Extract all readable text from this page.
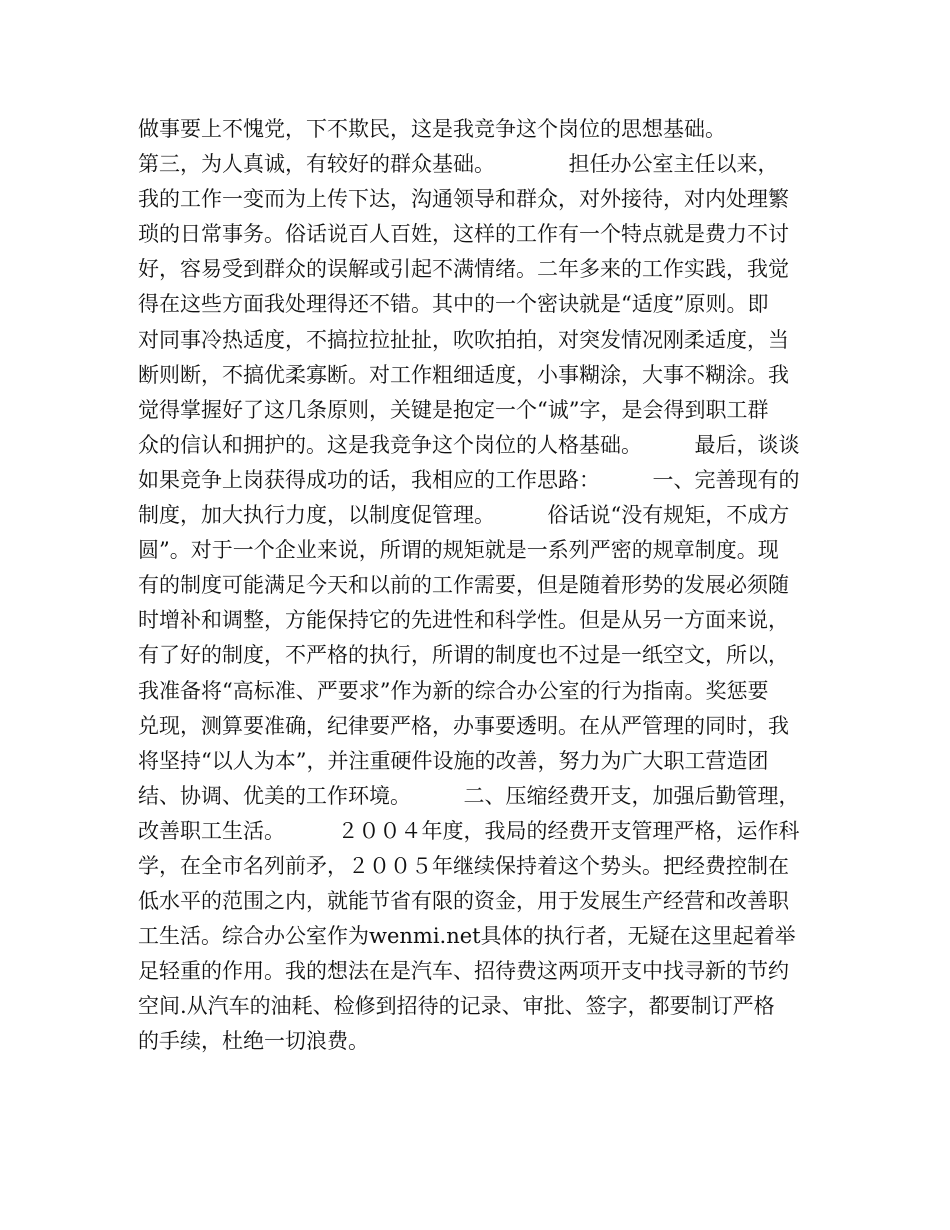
做事要上不愧党，下不欺民，这是我竞争这个岗位的思想基础。
第三，为人真诚，有较好的群众基础。　　　　担任办公室主任以来，
我的工作一变而为上传下达，沟通领导和群众，对外接待，对内处理繁
琐的日常事务。俗话说百人百姓，这样的工作有一个特点就是费力不讨
好，容易受到群众的误解或引起不满情绪。二年多来的工作实践，我觉
得在这些方面我处理得还不错。其中的一个密诀就是“适度”原则。即
对同事冷热适度，不搞拉拉扯扯，吹吹拍拍，对突发情况刚柔适度，当
断则断，不搞优柔寡断。对工作粗细适度，小事糊涂，大事不糊涂。我
觉得掌握好了这几条原则，关键是抱定一个“诚”字，是会得到职工群
众的信认和拥护的。这是我竞争这个岗位的人格基础。　　　最后，谈谈
如果竞争上岗获得成功的话，我相应的工作思路：　　　一、完善现有的
制度，加大执行力度，以制度促管理。　　　俗话说“没有规矩，不成方
圆”。对于一个企业来说，所谓的规矩就是一系列严密的规章制度。现
有的制度可能满足今天和以前的工作需要，但是随着形势的发展必须随
时增补和调整，方能保持它的先进性和科学性。但是从另一方面来说，
有了好的制度，不严格的执行，所谓的制度也不过是一纸空文，所以，
我准备将“高标准、严要求”作为新的综合办公室的行为指南。奖惩要
兑现，测算要准确，纪律要严格，办事要透明。在从严管理的同时，我
将坚持“以人为本”，并注重硬件设施的改善，努力为广大职工营造团
结、协调、优美的工作环境。　　　二、压缩经费开支，加强后勤管理，
改善职工生活。　　　２００４年度，我局的经费开支管理严格，运作科
学，在全市名列前矛，２００５年继续保持着这个势头。把经费控制在
低水平的范围之内，就能节省有限的资金，用于发展生产经营和改善职
工生活。综合办公室作为wenmi.net具体的执行者，无疑在这里起着举
足轻重的作用。我的想法在是汽车、招待费这两项开支中找寻新的节约
空间.从汽车的油耗、检修到招待的记录、审批、签字，都要制订严格
的手续，杜绝一切浪费。
